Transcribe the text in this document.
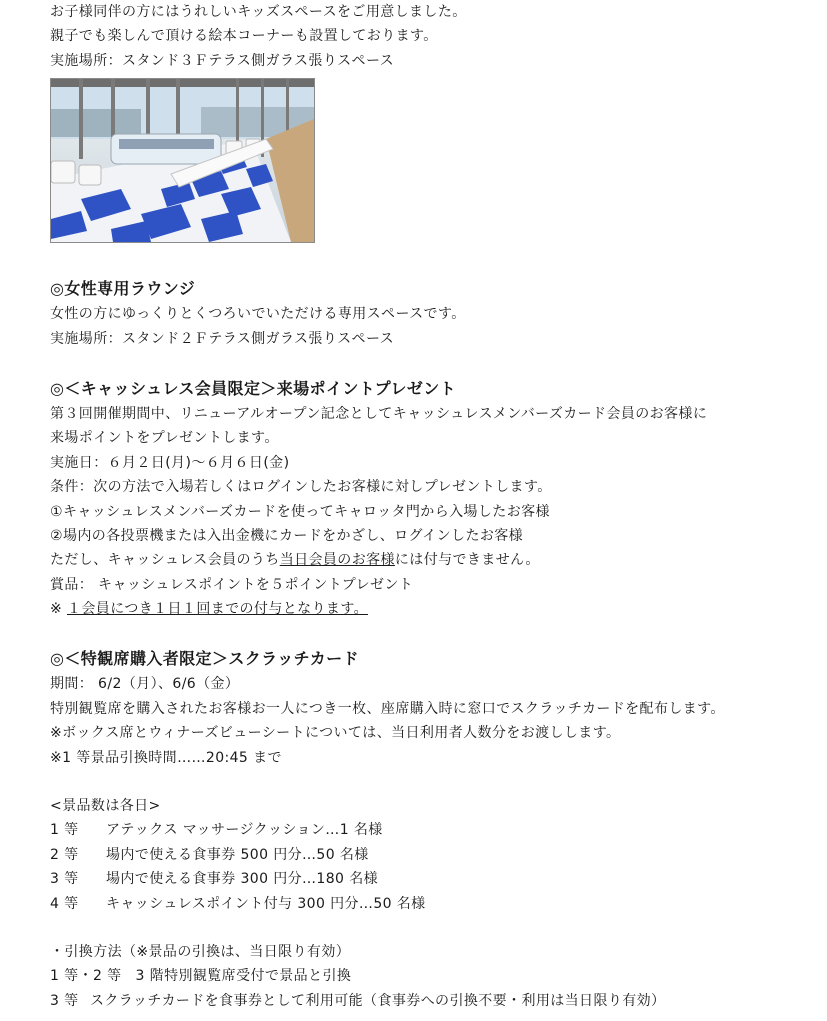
お子様同伴の方にはうれしいキッズスペースをご用意しました。
親子でも楽しんで頂ける絵本コーナーも設置しております。
実施場所：スタンド３Ｆテラス側ガラス張りスペース
◎女性専用ラウンジ
女性の方にゆっくりとくつろいでいただける専用スペースです。
実施場所：スタンド２Ｆテラス側ガラス張りスペース
◎＜キャッシュレス会員限定＞来場ポイントプレゼント
第３回開催期間中、リニューアルオープン記念としてキャッシュレスメンバーズカード会員のお客様に
来場ポイントをプレゼントします。
実施日：６月２日(月)〜６月６日(金)
条件：次の方法で入場若しくはログインしたお客様に対しプレゼントします。
①キャッシュレスメンバーズカードを使ってキャロッタ門から入場したお客様
②場内の各投票機または入出金機にカードをかざし、ログインしたお客様
ただし、キャッシュレス会員のうち当日会員のお客様には付与できません。
賞品： キャッシュレスポイントを５ポイントプレゼント
※ １会員につき１日１回までの付与となります。
◎＜特観席購入者限定＞スクラッチカード
期間： 6/2（月）、6/6（金）
特別観覧席を購入されたお客様お一人につき一枚、座席購入時に窓口でスクラッチカードを配布します。
※ボックス席とウィナーズビューシートについては、当日利用者人数分をお渡しします。
※1 等景品引換時間……20:45 まで
<景品数は各日>
1 等 アテックス マッサージクッション…1 名様
2 等 場内で使える食事券 500 円分…50 名様
3 等 場内で使える食事券 300 円分…180 名様
4 等 キャッシュレスポイント付与 300 円分…50 名様
・引換方法（※景品の引換は、当日限り有効）
1 等・2 等 3 階特別観覧席受付で景品と引換
3 等 スクラッチカードを食事券として利用可能（食事券への引換不要・利用は当日限り有効）
